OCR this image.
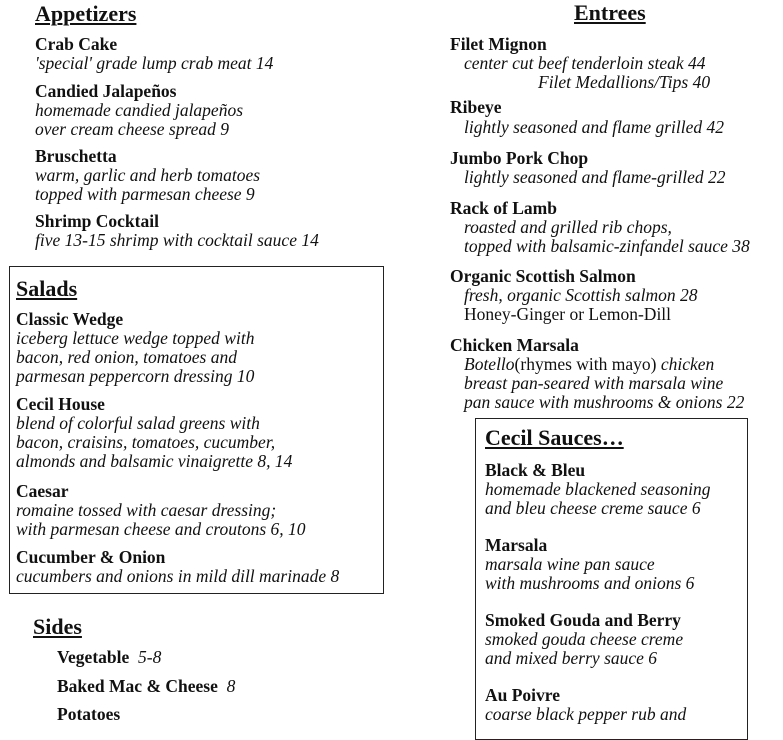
Appetizers
Crab Cake
'special' grade lump crab meat 14
Candied Jalapeños
homemade candied jalapeños
over cream cheese spread 9
Bruschetta
warm, garlic and herb tomatoes
topped with parmesan cheese 9
Shrimp Cocktail
five 13-15 shrimp with cocktail sauce 14
Salads
Classic Wedge
iceberg lettuce wedge topped with
bacon, red onion, tomatoes and
parmesan peppercorn dressing 10
Cecil House
blend of colorful salad greens with
bacon, craisins, tomatoes, cucumber,
almonds and balsamic vinaigrette 8, 14
Caesar
romaine tossed with caesar dressing;
with parmesan cheese and croutons 6, 10
Cucumber & Onion
cucumbers and onions in mild dill marinade 8
Sides
Vegetable 5-8
Baked Mac & Cheese 8
Potatoes
Entrees
Filet Mignon
center cut beef tenderloin steak 44
Filet Medallions/Tips 40
Ribeye
lightly seasoned and flame grilled 42
Jumbo Pork Chop
lightly seasoned and flame-grilled 22
Rack of Lamb
roasted and grilled rib chops,
topped with balsamic-zinfandel sauce 38
Organic Scottish Salmon
fresh, organic Scottish salmon 28
Honey-Ginger or Lemon-Dill
Chicken Marsala
Botello(rhymes with mayo) chicken
breast pan-seared with marsala wine
pan sauce with mushrooms & onions 22
Cecil Sauces…
Black & Bleu
homemade blackened seasoning
and bleu cheese creme sauce 6
Marsala
marsala wine pan sauce
with mushrooms and onions 6
Smoked Gouda and Berry
smoked gouda cheese creme
and mixed berry sauce 6
Au Poivre
coarse black pepper rub and
